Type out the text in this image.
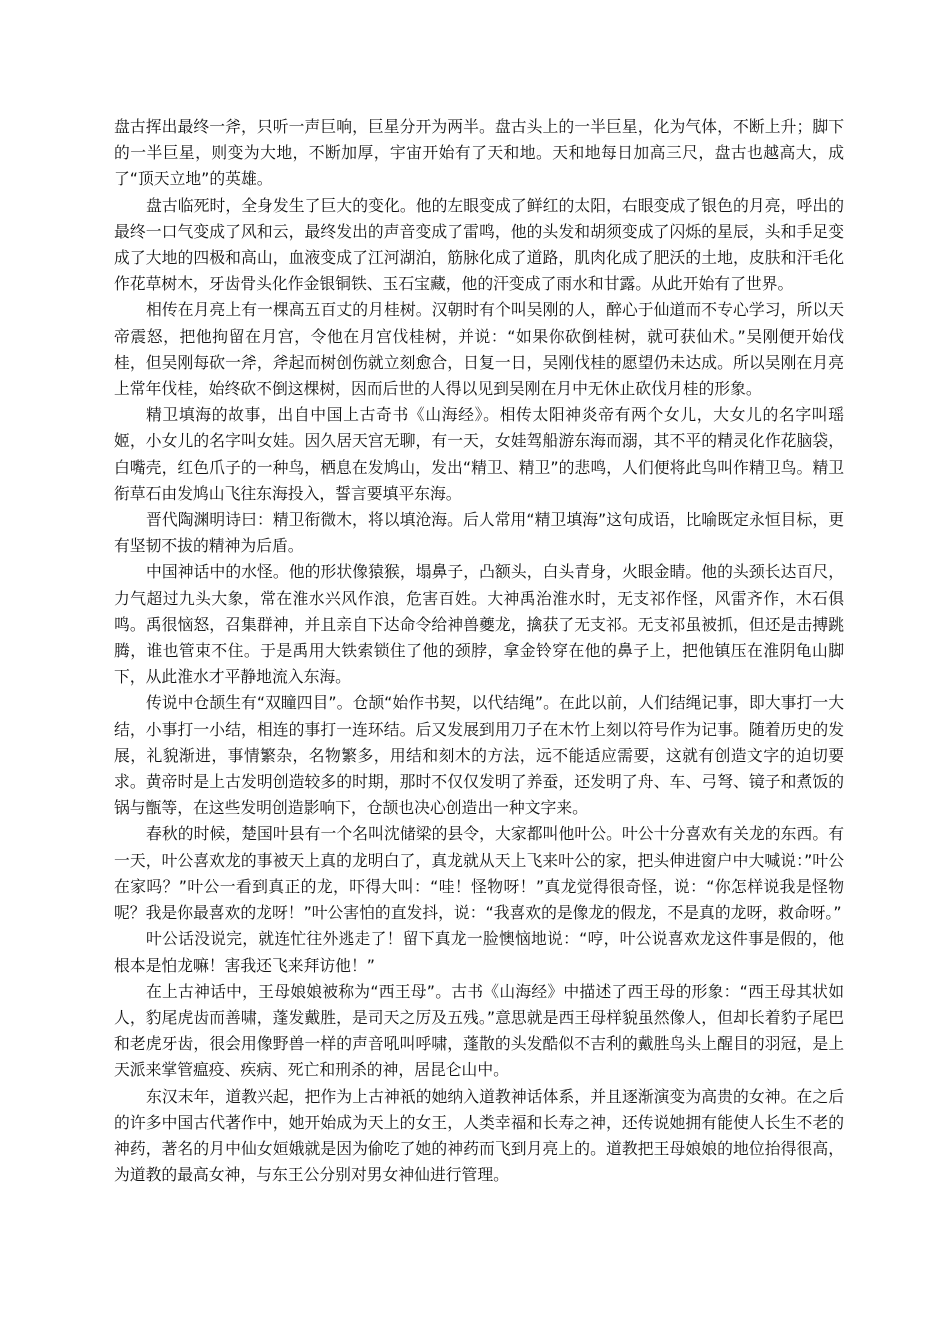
盘古挥出最终一斧，只听一声巨响，巨星分开为两半。盘古头上的一半巨星，化为气体，不断上升；脚下的一半巨星，则变为大地，不断加厚，宇宙开始有了天和地。天和地每日加高三尺，盘古也越高大，成了“顶天立地”的英雄。

盘古临死时，全身发生了巨大的变化。他的左眼变成了鲜红的太阳，右眼变成了银色的月亮，呼出的最终一口气变成了风和云，最终发出的声音变成了雷鸣，他的头发和胡须变成了闪烁的星辰，头和手足变成了大地的四极和高山，血液变成了江河湖泊，筋脉化成了道路，肌肉化成了肥沃的土地，皮肤和汗毛化作花草树木，牙齿骨头化作金银铜铁、玉石宝藏，他的汗变成了雨水和甘露。从此开始有了世界。

相传在月亮上有一棵高五百丈的月桂树。汉朝时有个叫吴刚的人，醉心于仙道而不专心学习，所以天帝震怒，把他拘留在月宫，令他在月宫伐桂树，并说：“如果你砍倒桂树，就可获仙术。”吴刚便开始伐桂，但吴刚每砍一斧，斧起而树创伤就立刻愈合，日复一日，吴刚伐桂的愿望仍未达成。所以吴刚在月亮上常年伐桂，始终砍不倒这棵树，因而后世的人得以见到吴刚在月中无休止砍伐月桂的形象。

精卫填海的故事，出自中国上古奇书《山海经》。相传太阳神炎帝有两个女儿，大女儿的名字叫瑶姬，小女儿的名字叫女娃。因久居天宫无聊，有一天，女娃驾船游东海而溺，其不平的精灵化作花脑袋，白嘴壳，红色爪子的一种鸟，栖息在发鸠山，发出“精卫、精卫”的悲鸣，人们便将此鸟叫作精卫鸟。精卫衔草石由发鸠山飞往东海投入，誓言要填平东海。

晋代陶渊明诗曰：精卫衔微木，将以填沧海。后人常用“精卫填海”这句成语，比喻既定永恒目标，更有坚韧不拔的精神为后盾。

中国神话中的水怪。他的形状像猿猴，塌鼻子，凸额头，白头青身，火眼金睛。他的头颈长达百尺，力气超过九头大象，常在淮水兴风作浪，危害百姓。大神禹治淮水时，无支祁作怪，风雷齐作，木石俱鸣。禹很恼怒，召集群神，并且亲自下达命令给神兽夔龙，擒获了无支祁。无支祁虽被抓，但还是击搏跳腾，谁也管束不住。于是禹用大铁索锁住了他的颈脖，拿金铃穿在他的鼻子上，把他镇压在淮阴龟山脚下，从此淮水才平静地流入东海。

传说中仓颉生有“双瞳四目”。仓颉“始作书契，以代结绳”。在此以前，人们结绳记事，即大事打一大结，小事打一小结，相连的事打一连环结。后又发展到用刀子在木竹上刻以符号作为记事。随着历史的发展，礼貌渐进，事情繁杂，名物繁多，用结和刻木的方法，远不能适应需要，这就有创造文字的迫切要求。黄帝时是上古发明创造较多的时期，那时不仅仅发明了养蚕，还发明了舟、车、弓弩、镜子和煮饭的锅与甑等，在这些发明创造影响下，仓颉也决心创造出一种文字来。

春秋的时候，楚国叶县有一个名叫沈储梁的县令，大家都叫他叶公。叶公十分喜欢有关龙的东西。有一天，叶公喜欢龙的事被天上真的龙明白了，真龙就从天上飞来叶公的家，把头伸进窗户中大喊说：”叶公在家吗？”叶公一看到真正的龙，吓得大叫：“哇！怪物呀！”真龙觉得很奇怪，说：“你怎样说我是怪物呢？我是你最喜欢的龙呀！”叶公害怕的直发抖，说：“我喜欢的是像龙的假龙，不是真的龙呀，救命呀。”

叶公话没说完，就连忙往外逃走了！留下真龙一脸懊恼地说：“哼，叶公说喜欢龙这件事是假的，他根本是怕龙嘛！害我还飞来拜访他！”

在上古神话中，王母娘娘被称为“西王母”。古书《山海经》中描述了西王母的形象：“西王母其状如人，豹尾虎齿而善啸，蓬发戴胜，是司天之厉及五残。”意思就是西王母样貌虽然像人，但却长着豹子尾巴和老虎牙齿，很会用像野兽一样的声音吼叫呼啸，蓬散的头发酷似不吉利的戴胜鸟头上醒目的羽冠，是上天派来掌管瘟疫、疾病、死亡和刑杀的神，居昆仑山中。

东汉末年，道教兴起，把作为上古神祇的她纳入道教神话体系，并且逐渐演变为高贵的女神。在之后的许多中国古代著作中，她开始成为天上的女王，人类幸福和长寿之神，还传说她拥有能使人长生不老的神药，著名的月中仙女姮娥就是因为偷吃了她的神药而飞到月亮上的。道教把王母娘娘的地位抬得很高，为道教的最高女神，与东王公分别对男女神仙进行管理。
